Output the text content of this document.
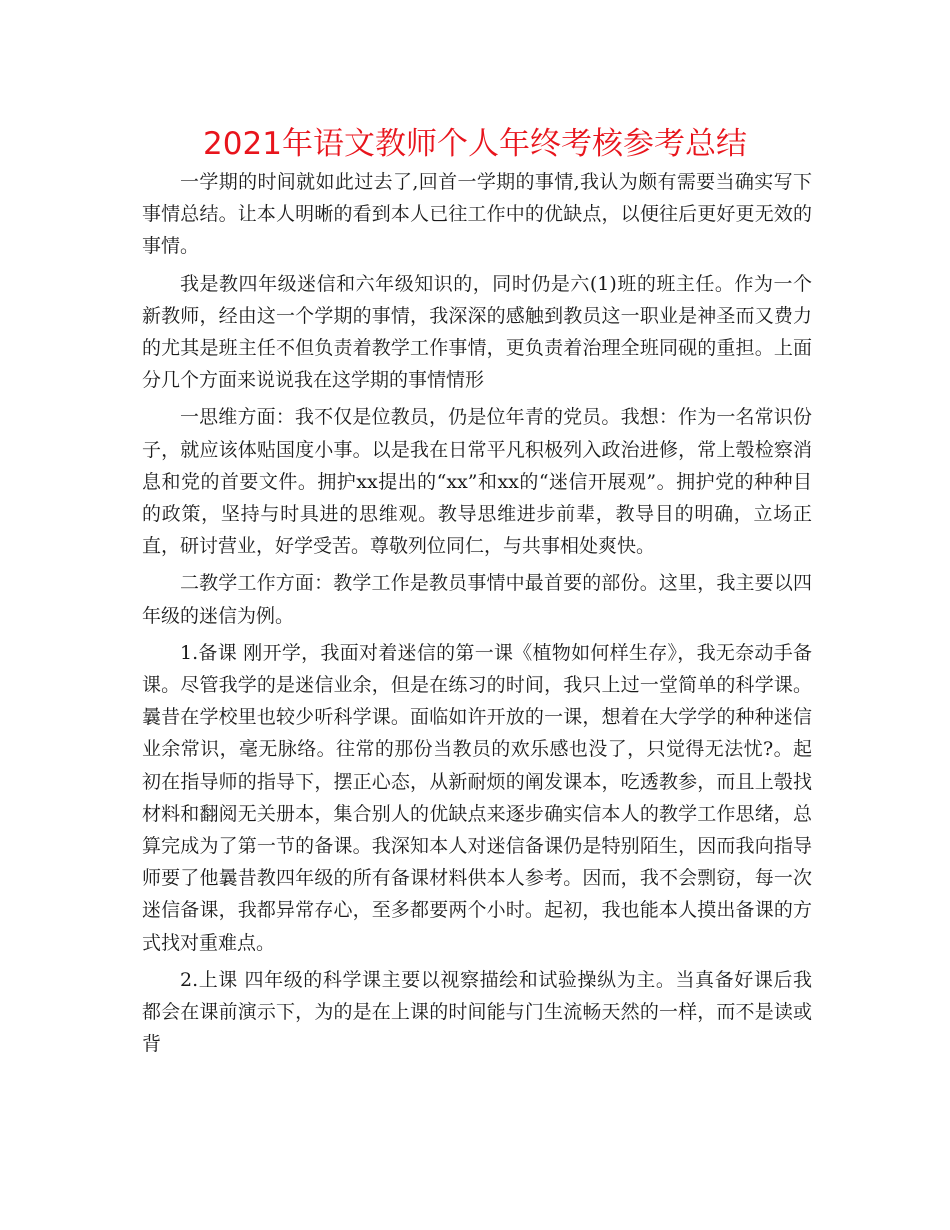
2021年语文教师个人年终考核参考总结

一学期的时间就如此过去了,回首一学期的事情,我认为颇有需要当确实写下事情总结。让本人明晰的看到本人已往工作中的优缺点，以便往后更好更无效的事情。

我是教四年级迷信和六年级知识的，同时仍是六(1)班的班主任。作为一个新教师，经由这一个学期的事情，我深深的感触到教员这一职业是神圣而又费力的尤其是班主任不但负责着教学工作事情，更负责着治理全班同砚的重担。上面分几个方面来说说我在这学期的事情情形

一思维方面：我不仅是位教员，仍是位年青的党员。我想：作为一名常识份子，就应该体贴国度小事。以是我在日常平凡积极列入政治进修，常上彀检察消息和党的首要文件。拥护xx提出的“xx”和xx的“迷信开展观”。拥护党的种种目的政策，坚持与时具进的思维观。教导思维进步前辈，教导目的明确，立场正直，研讨营业，好学受苦。尊敬列位同仁，与共事相处爽快。

二教学工作方面：教学工作是教员事情中最首要的部份。这里，我主要以四年级的迷信为例。

1.备课 刚开学，我面对着迷信的第一课《植物如何样生存》，我无奈动手备课。尽管我学的是迷信业余，但是在练习的时间，我只上过一堂简单的科学课。曩昔在学校里也较少听科学课。面临如许开放的一课，想着在大学学的种种迷信业余常识，毫无脉络。往常的那份当教员的欢乐感也没了，只觉得无法忧?。起初在指导师的指导下，摆正心态，从新耐烦的阐发课本，吃透教参，而且上彀找材料和翻阅无关册本，集合别人的优缺点来逐步确实信本人的教学工作思绪，总算完成为了第一节的备课。我深知本人对迷信备课仍是特别陌生，因而我向指导师要了他曩昔教四年级的所有备课材料供本人参考。因而，我不会剽窃，每一次迷信备课，我都异常存心，至多都要两个小时。起初，我也能本人摸出备课的方式找对重难点。

2.上课 四年级的科学课主要以视察描绘和试验操纵为主。当真备好课后我都会在课前演示下，为的是在上课的时间能与门生流畅天然的一样，而不是读或背
